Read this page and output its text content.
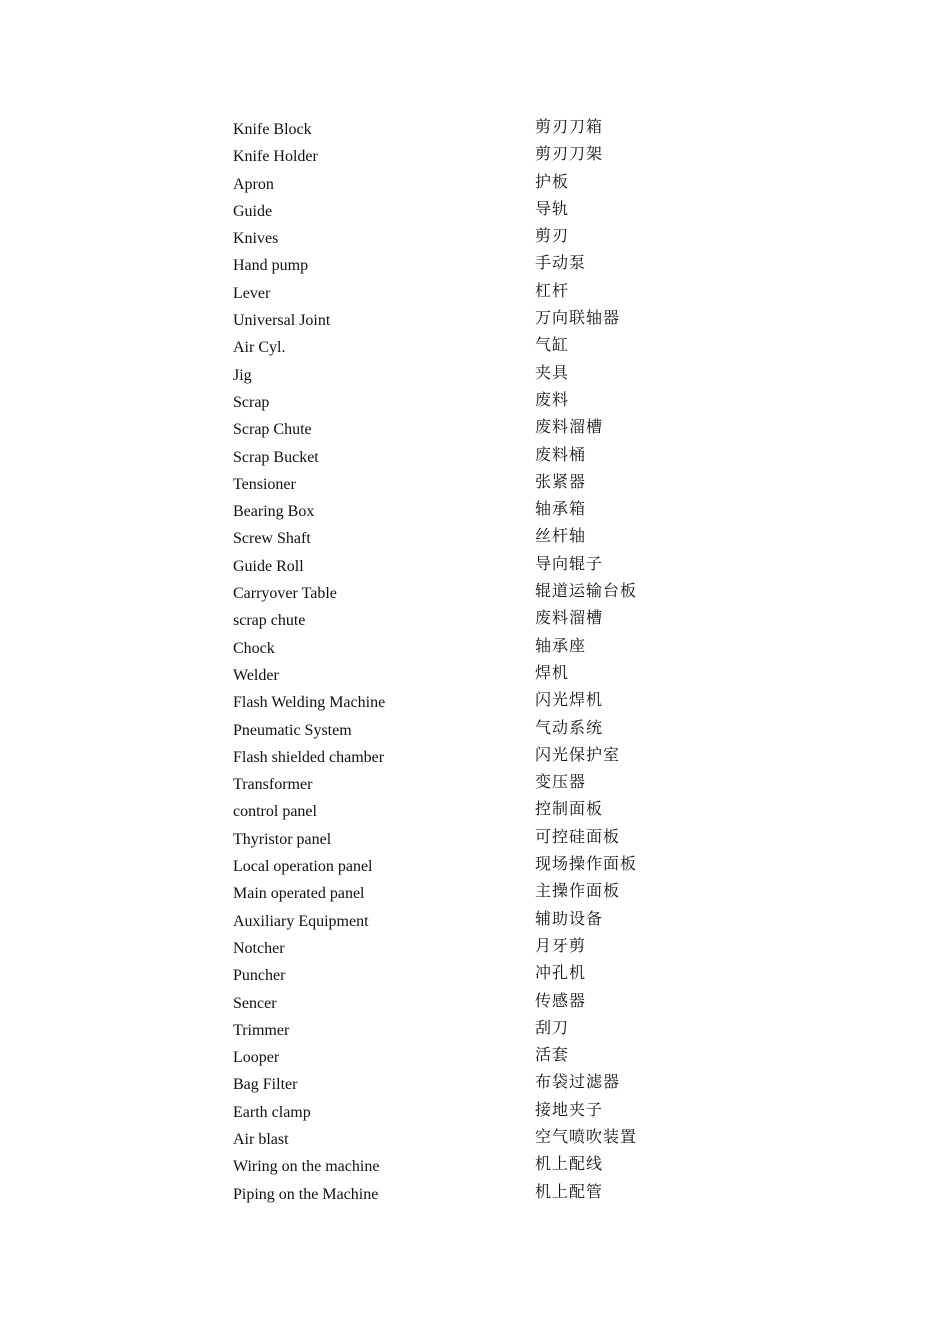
Knife Block	剪刃刀箱
Knife Holder	剪刃刀架
Apron	护板
Guide	导轨
Knives	剪刃
Hand pump	手动泵
Lever	杠杆
Universal Joint	万向联轴器
Air Cyl.	气缸
Jig	夹具
Scrap	废料
Scrap Chute	废料溜槽
Scrap Bucket	废料桶
Tensioner	张紧器
Bearing Box	轴承箱
Screw Shaft	丝杆轴
Guide Roll	导向辊子
Carryover Table	辊道运输台板
scrap chute	废料溜槽
Chock	轴承座
Welder	焊机
Flash Welding Machine	闪光焊机
Pneumatic System	气动系统
Flash shielded chamber	闪光保护室
Transformer	变压器
control panel	控制面板
Thyristor panel	可控硅面板
Local operation panel	现场操作面板
Main operated panel	主操作面板
Auxiliary Equipment	辅助设备
Notcher	月牙剪
Puncher	冲孔机
Sencer	传感器
Trimmer	刮刀
Looper	活套
Bag Filter	布袋过滤器
Earth clamp	接地夹子
Air blast	空气喷吹装置
Wiring on the machine	机上配线
Piping on the Machine	机上配管
